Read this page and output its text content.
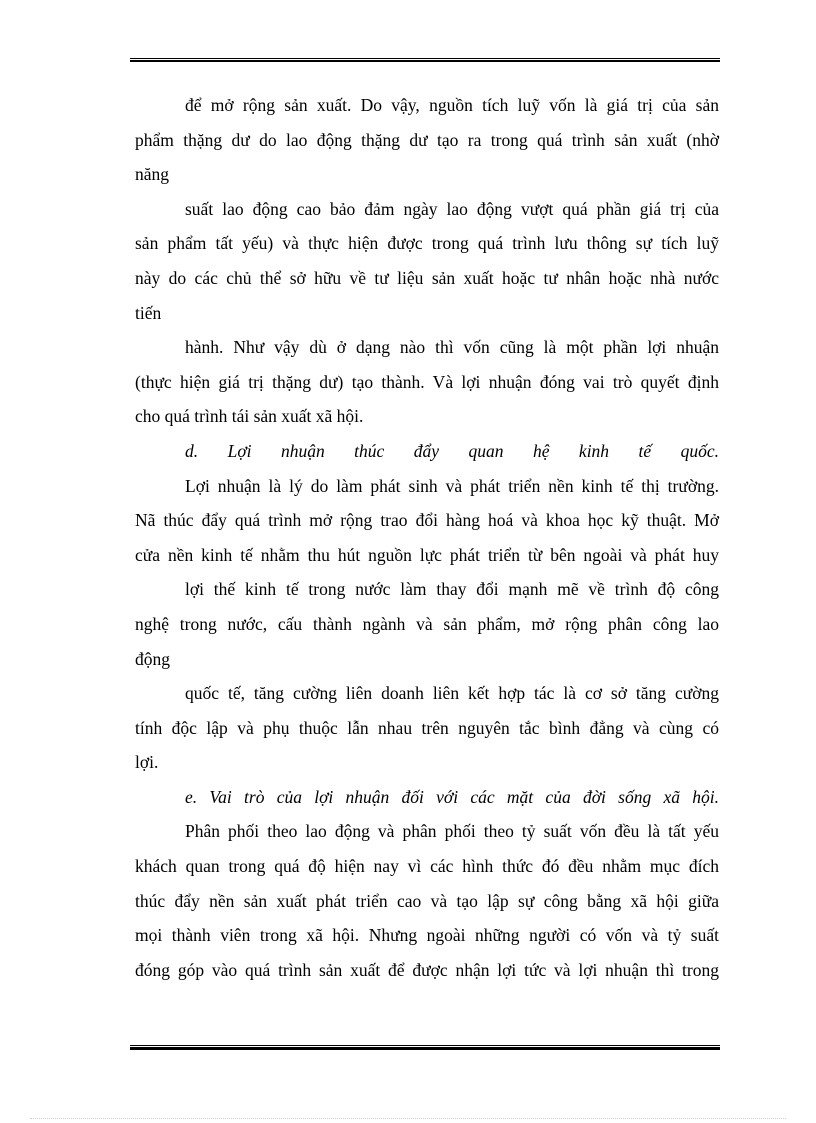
để mở rộng sản xuất. Do vậy, nguồn tích luỹ vốn là giá trị của sản
phẩm thặng dư do lao động thặng dư tạo ra trong quá trình sản xuất (nhờ
năng
suất lao động cao bảo đảm ngày lao động vượt quá phần giá trị của
sản phẩm tất yếu) và thực hiện được trong quá trình lưu thông sự tích luỹ
này do các chủ thể sở hữu về tư liệu sản xuất hoặc tư nhân hoặc nhà nước
tiến
hành. Như vậy dù ở dạng nào thì vốn cũng là một phần lợi nhuận
(thực hiện giá trị thặng dư) tạo thành. Và lợi nhuận đóng vai trò quyết định
cho quá trình tái sản xuất xã hội.
d. Lợi nhuận thúc đẩy quan hệ kinh tế quốc.
Lợi nhuận là lý do làm phát sinh và phát triển nền kinh tế thị trường.
Nã thúc đẩy quá trình mở rộng trao đổi hàng hoá và khoa học kỹ thuật. Mở
cửa nền kinh tế nhằm thu hút nguồn lực phát triển từ bên ngoài và phát huy
lợi thế kinh tế trong nước làm thay đổi mạnh mẽ về trình độ công
nghệ trong nước, cấu thành ngành và sản phẩm, mở rộng phân công lao
động
quốc tế, tăng cường liên doanh liên kết hợp tác là cơ sở tăng cường
tính độc lập và phụ thuộc lẫn nhau trên nguyên tắc bình đẳng và cùng có
lợi.
e. Vai trò của lợi nhuận đối với các mặt của đời sống xã hội.
Phân phối theo lao động và phân phối theo tỷ suất vốn đều là tất yếu
khách quan trong quá độ hiện nay vì các hình thức đó đều nhằm mục đích
thúc đẩy nền sản xuất phát triển cao và tạo lập sự công bằng xã hội giữa
mọi thành viên trong xã hội. Nhưng ngoài những người có vốn và tỷ suất
đóng góp vào quá trình sản xuất để được nhận lợi tức và lợi nhuận thì trong
